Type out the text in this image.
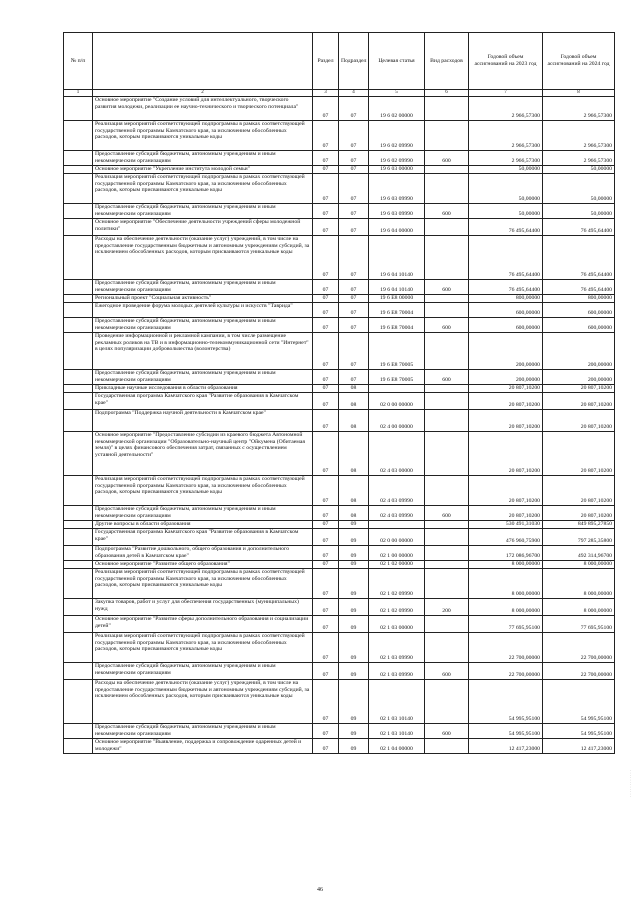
№ п/п		Раздел	Подраздел	Целевая статья	Вид расходов	Годовой объем ассигнований на 2023 год	Годовой объем ассигнований на 2024 год
1	2	3	4	5	6	7	8
	Основное мероприятие "Создание условий для интеллектуального, творческого развития молодежи, реализации ее научно-технического и творческого потенциала"	07	07	19 6 02 00000		2 966,57300	2 966,57300
	Реализация мероприятий соответствующей подпрограммы в рамках соответствующей государственной программы Камчатского края, за исключением обособленных расходов, которым присваиваются уникальные коды	07	07	19 6 02 09990		2 966,57300	2 966,57300
	Предоставление субсидий бюджетным, автономным учреждениям и иным некоммерческим организациям	07	07	19 6 02 09990	600	2 966,57300	2 966,57300
	Основное мероприятие "Укрепление института молодой семьи"	07	07	19 6 03 00000		50,00000	50,00000
	Реализация мероприятий соответствующей подпрограммы в рамках соответствующей государственной программы Камчатского края, за исключением обособленных расходов, которым присваиваются уникальные коды	07	07	19 6 03 09990		50,00000	50,00000
	Предоставление субсидий бюджетным, автономным учреждениям и иным некоммерческим организациям	07	07	19 6 03 09990	600	50,00000	50,00000
	Основное мероприятие "Обеспечение деятельности учреждений сферы молодежной политики"	07	07	19 6 04 00000		76 495,64400	76 495,64400
	Расходы на обеспечение деятельности (оказание услуг) учреждений, в том числе на предоставление государственным бюджетным и автономным учреждениям субсидий, за исключением обособленных расходов, которым присваиваются уникальные коды	07	07	19 6 04 10140		76 495,64400	76 495,64400
	Предоставление субсидий бюджетным, автономным учреждениям и иным некоммерческим организациям	07	07	19 6 04 10140	600	76 495,64400	76 495,64400
	Региональный проект "Социальная активность"	07	07	19 6 E8 00000		800,00000	800,00000
	Ежегодное проведение форума молодых деятелей культуры и искусств "Таврида"	07	07	19 6 E8 70004		600,00000	600,00000
	Предоставление субсидий бюджетным, автономным учреждениям и иным некоммерческим организациям	07	07	19 6 E8 70004	600	600,00000	600,00000
	Проведение информационной и рекламной кампании, в том числе размещение рекламных роликов на ТВ и в информационно-телекоммуникационной сети "Интернет" в целях популяризации добровольчества (волонтерства)	07	07	19 6 E8 70005		200,00000	200,00000
	Предоставление субсидий бюджетным, автономным учреждениям и иным некоммерческим организациям	07	07	19 6 E8 70005	600	200,00000	200,00000
	Прикладные научные исследования в области образования	07	08			20 807,10200	20 807,10200
	Государственная программа Камчатского края "Развитие образования в Камчатском крае"	07	08	02 0 00 00000		20 807,10200	20 807,10200
	Подпрограмма "Поддержка научной деятельности в Камчатском крае"	07	08	02 4 00 00000		20 807,10200	20 807,10200
	Основное мероприятие "Предоставление субсидии из краевого бюджета Автономной некоммерческой организации "Образовательно-научный центр "Ойкумена (Обитаемая земля)" в целях финансового обеспечения затрат, связанных с осуществлением уставной деятельности"	07	08	02 4 03 00000		20 807,10200	20 807,10200
	Реализация мероприятий соответствующей подпрограммы в рамках соответствующей государственной программы Камчатского края, за исключением обособленных расходов, которым присваиваются уникальные коды	07	08	02 4 03 09990		20 807,10200	20 807,10200
	Предоставление субсидий бюджетным, автономным учреждениям и иным некоммерческим организациям	07	08	02 4 03 09990	600	20 807,10200	20 807,10200
	Другие вопросы в области образования	07	09			530 491,31030	849 895,27850
	Государственная программа Камчатского края "Развитие образования в Камчатском крае"	07	09	02 0 00 00000		476 960,75900	797 285,35800
	Подпрограмма "Развитие дошкольного, общего образования и дополнительного образования детей в Камчатском крае"	07	09	02 1 00 00000		172 086,96700	492 314,96700
	Основное мероприятие "Развитие общего образования"	07	09	02 1 02 00000		8 000,00000	8 000,00000
	Реализация мероприятий соответствующей подпрограммы в рамках соответствующей государственной программы Камчатского края, за исключением обособленных расходов, которым присваиваются уникальные коды	07	09	02 1 02 09990		8 000,00000	8 000,00000
	Закупка товаров, работ и услуг для обеспечения государственных (муниципальных) нужд	07	09	02 1 02 09990	200	8 000,00000	8 000,00000
	Основное мероприятие "Развитие сферы дополнительного образования и социализации детей"	07	09	02 1 03 00000		77 695,95100	77 695,95100
	Реализация мероприятий соответствующей подпрограммы в рамках соответствующей государственной программы Камчатского края, за исключением обособленных расходов, которым присваиваются уникальные коды	07	09	02 1 03 09990		22 700,00000	22 700,00000
	Предоставление субсидий бюджетным, автономным учреждениям и иным некоммерческим организациям	07	09	02 1 03 09990	600	22 700,00000	22 700,00000
	Расходы на обеспечение деятельности (оказание услуг) учреждений, в том числе на предоставление государственным бюджетным и автономным учреждениям субсидий, за исключением обособленных расходов, которым присваиваются уникальные коды	07	09	02 1 03 10140		54 995,95100	54 995,95100
	Предоставление субсидий бюджетным, автономным учреждениям и иным некоммерческим организациям	07	09	02 1 03 10140	600	54 995,95100	54 995,95100
	Основное мероприятие "Выявление, поддержка и сопровождение одаренных детей и молодежи"	07	09	02 1 04 00000		12 417,23000	12 417,23000
46
· · · · · · · · · · · ·
